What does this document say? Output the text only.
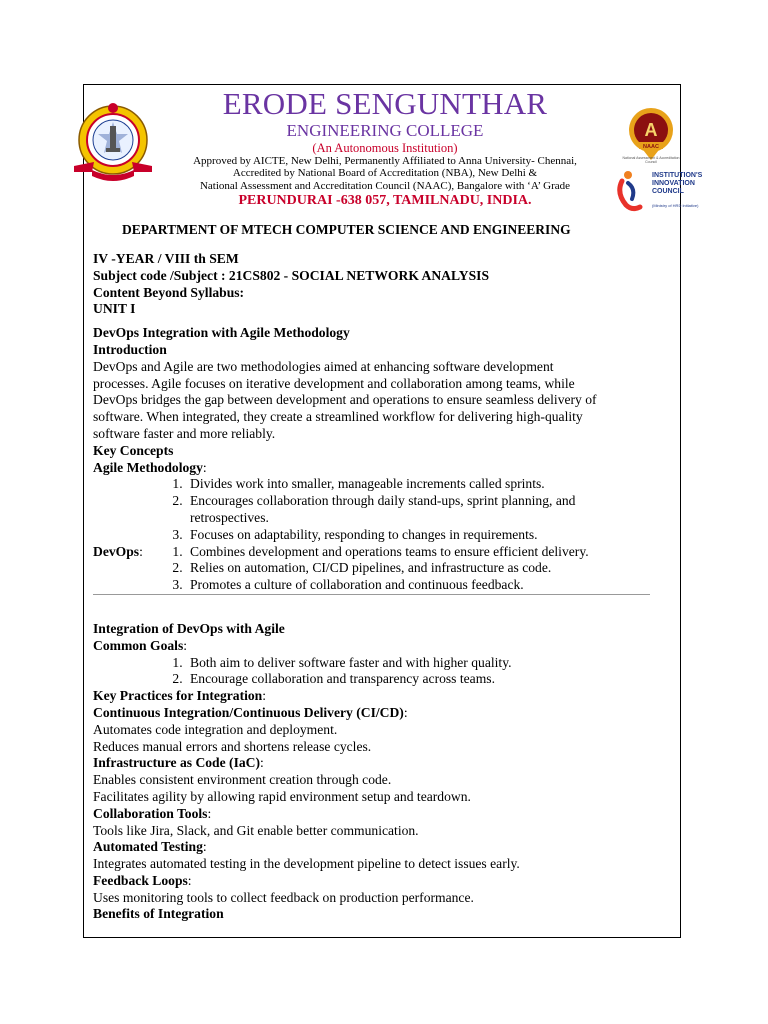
A
NAAC
National Assessment & Accreditation Council
INSTITUTION'S
INNOVATION
COUNCIL
(Ministry of HRD Initiative)
ERODE SENGUNTHAR
ENGINEERING COLLEGE
(An Autonomous Institution)
Approved by AICTE, New Delhi, Permanently Affiliated to Anna University- Chennai,
Accredited by National Board of Accreditation (NBA), New Delhi &
National Assessment and Accreditation Council (NAAC), Bangalore with ‘A’ Grade
PERUNDURAI -638 057, TAMILNADU, INDIA.
DEPARTMENT OF MTECH COMPUTER SCIENCE AND ENGINEERING

IV -YEAR / VIII th SEM

Subject code /Subject : 21CS802 - SOCIAL NETWORK ANALYSIS

Content Beyond Syllabus:

UNIT I

DevOps Integration with Agile Methodology

Introduction

DevOps and Agile are two methodologies aimed at enhancing software development

processes. Agile focuses on iterative development and collaboration among teams, while

DevOps bridges the gap between development and operations to ensure seamless delivery of

software. When integrated, they create a streamlined workflow for delivering high-quality

software faster and more reliably.

Key Concepts

Agile Methodology:

1. Divides work into smaller, manageable increments called sprints.
2. Encourages collaboration through daily stand-ups, sprint planning, and retrospectives.
3. Focuses on adaptability, responding to changes in requirements.

DevOps:

1.	Combines development and operations teams to ensure efficient delivery.
2. Relies on automation, CI/CD pipelines, and infrastructure as code.
3. Promotes a culture of collaboration and continuous feedback.

Integration of DevOps with Agile

Common Goals:

1. Both aim to deliver software faster and with higher quality.
2. Encourage collaboration and transparency across teams.

Key Practices for Integration:

Continuous Integration/Continuous Delivery (CI/CD):

Automates code integration and deployment.

Reduces manual errors and shortens release cycles.

Infrastructure as Code (IaC):

Enables consistent environment creation through code.

Facilitates agility by allowing rapid environment setup and teardown.

Collaboration Tools:

Tools like Jira, Slack, and Git enable better communication.

Automated Testing:

Integrates automated testing in the development pipeline to detect issues early.

Feedback Loops:

Uses monitoring tools to collect feedback on production performance.

Benefits of Integration
